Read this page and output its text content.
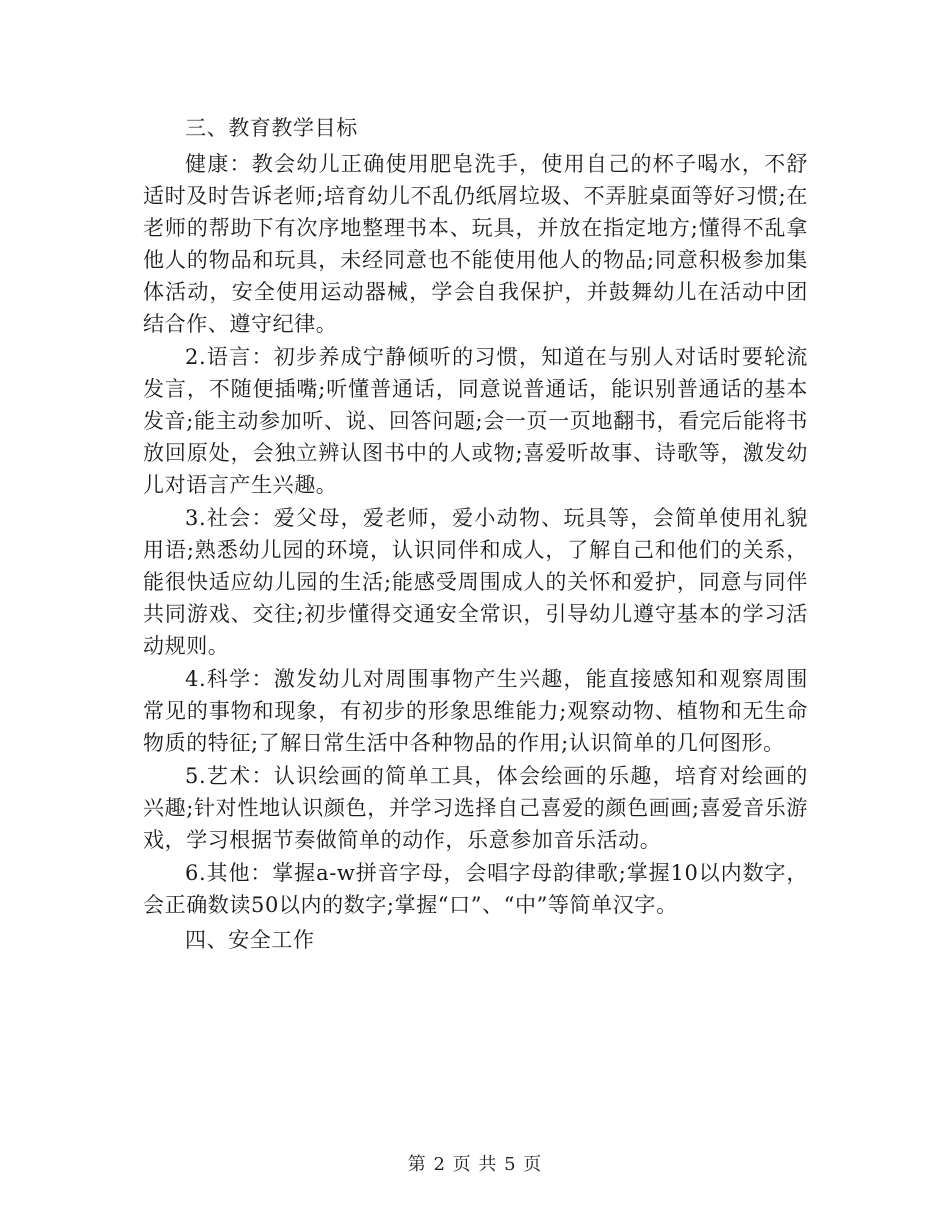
三、教育教学目标

健康：教会幼儿正确使用肥皂洗手，使用自己的杯子喝水，不舒适时及时告诉老师;培育幼儿不乱仍纸屑垃圾、不弄脏桌面等好习惯;在老师的帮助下有次序地整理书本、玩具，并放在指定地方;懂得不乱拿他人的物品和玩具，未经同意也不能使用他人的物品;同意积极参加集体活动，安全使用运动器械，学会自我保护，并鼓舞幼儿在活动中团结合作、遵守纪律。

2.语言：初步养成宁静倾听的习惯，知道在与别人对话时要轮流发言，不随便插嘴;听懂普通话，同意说普通话，能识别普通话的基本发音;能主动参加听、说、回答问题;会一页一页地翻书，看完后能将书放回原处，会独立辨认图书中的人或物;喜爱听故事、诗歌等，激发幼儿对语言产生兴趣。

3.社会：爱父母，爱老师，爱小动物、玩具等，会简单使用礼貌用语;熟悉幼儿园的环境，认识同伴和成人，了解自己和他们的关系，能很快适应幼儿园的生活;能感受周围成人的关怀和爱护，同意与同伴共同游戏、交往;初步懂得交通安全常识，引导幼儿遵守基本的学习活动规则。

4.科学：激发幼儿对周围事物产生兴趣，能直接感知和观察周围常见的事物和现象，有初步的形象思维能力;观察动物、植物和无生命物质的特征;了解日常生活中各种物品的作用;认识简单的几何图形。

5.艺术：认识绘画的简单工具，体会绘画的乐趣，培育对绘画的兴趣;针对性地认识颜色，并学习选择自己喜爱的颜色画画;喜爱音乐游戏，学习根据节奏做简单的动作，乐意参加音乐活动。

6.其他：掌握a-w拼音字母，会唱字母韵律歌;掌握10以内数字，会正确数读50以内的数字;掌握“口”、“中”等简单汉字。

四、安全工作

第 2 页 共 5 页
